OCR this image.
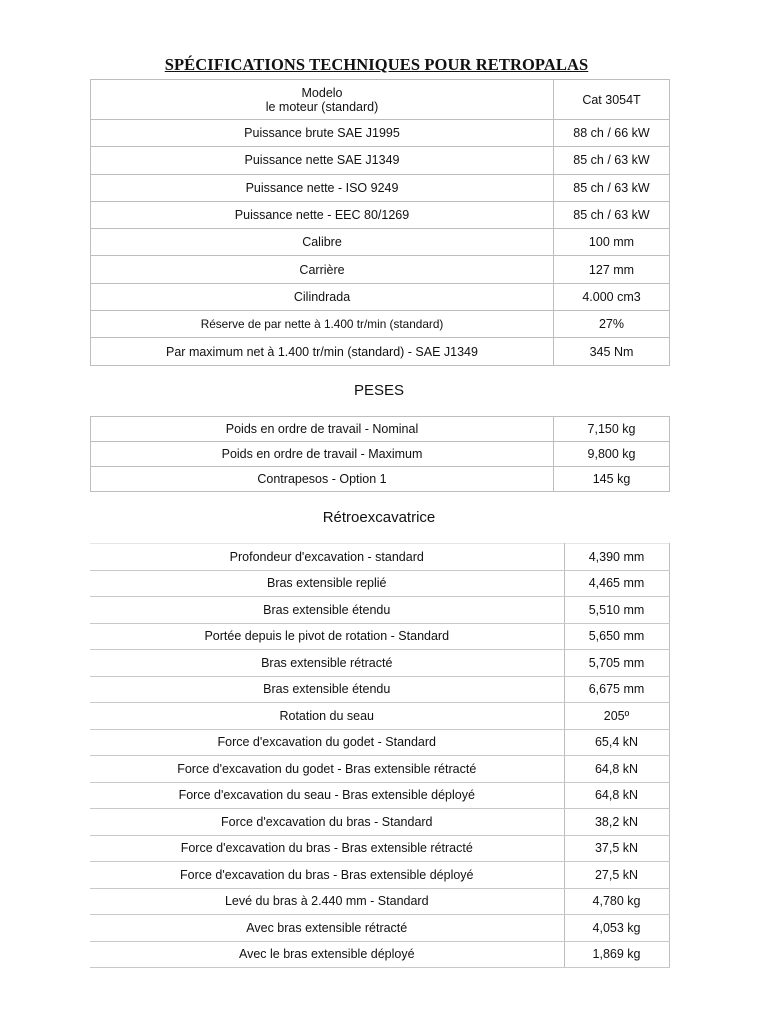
SPÉCIFICATIONS TECHNIQUES POUR RETROPALAS
Modelo
le moteur (standard)	Cat 3054T
Puissance brute SAE J1995	88 ch / 66 kW
Puissance nette SAE J1349	85 ch / 63 kW
Puissance nette - ISO 9249	85 ch / 63 kW
Puissance nette - EEC 80/1269	85 ch / 63 kW
Calibre	100 mm
Carrière	127 mm
Cilindrada	4.000 cm3
Réserve de par nette à 1.400 tr/min (standard)	27%
Par maximum net à 1.400 tr/min (standard) - SAE J1349	345 Nm
PESES
Poids en ordre de travail - Nominal	7,150 kg
Poids en ordre de travail - Maximum	9,800 kg
Contrapesos - Option 1	145 kg
Rétroexcavatrice
Profondeur d'excavation - standard	4,390 mm
Bras extensible replié	4,465 mm
Bras extensible étendu	5,510 mm
Portée depuis le pivot de rotation - Standard	5,650 mm
Bras extensible rétracté	5,705 mm
Bras extensible étendu	6,675 mm
Rotation du seau	205º
Force d'excavation du godet - Standard	65,4 kN
Force d'excavation du godet - Bras extensible rétracté	64,8 kN
Force d'excavation du seau - Bras extensible déployé	64,8 kN
Force d'excavation du bras - Standard	38,2 kN
Force d'excavation du bras - Bras extensible rétracté	37,5 kN
Force d'excavation du bras - Bras extensible déployé	27,5 kN
Levé du bras à 2.440 mm - Standard	4,780 kg
Avec bras extensible rétracté	4,053 kg
Avec le bras extensible déployé	1,869 kg
